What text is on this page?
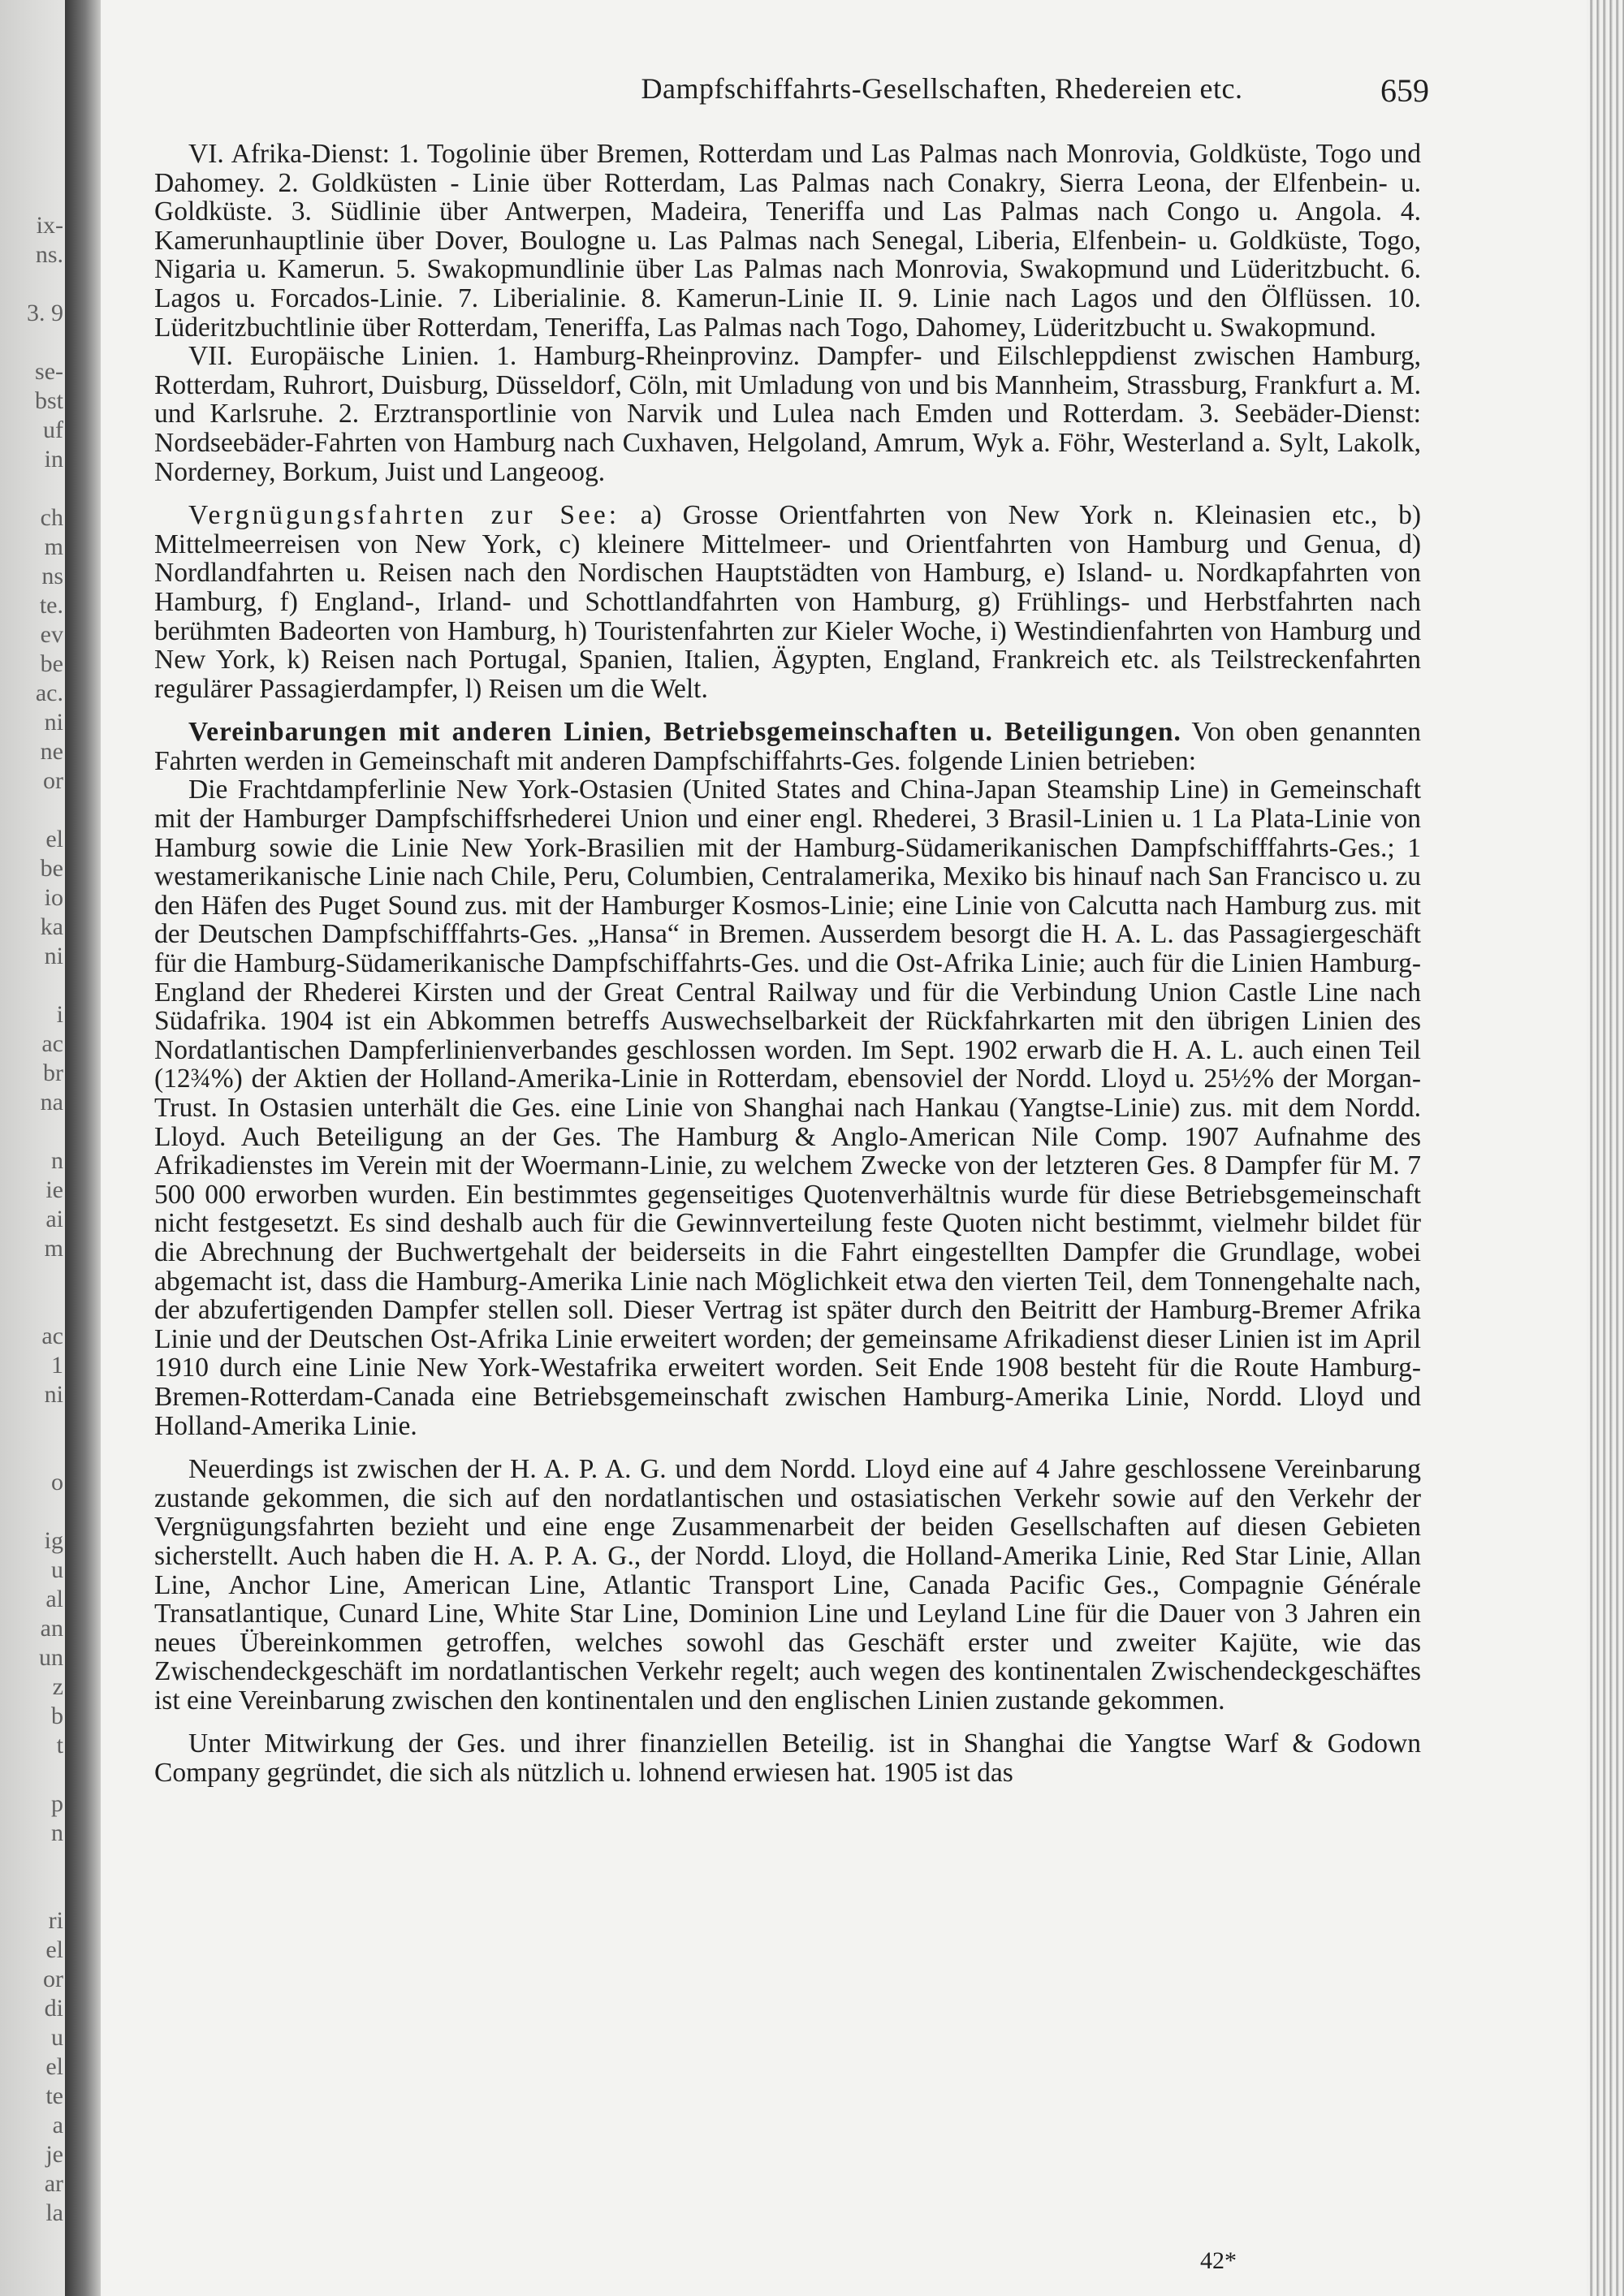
ix-
ns.

3. 9

se-
bst
uf
in

ch
m
ns
te.
ev
be
ac.
ni
ne
or

el
be
io
ka
ni

i
ac
br
na

n
ie
ai
m

ac
1
ni

o

ig
u
al
an
un
z
b
t

p
n

ri
el
or
di
u
el
te
a
je
ar
la
Dampfschiffahrts-Gesellschaften, Rhedereien etc.	659

VI. Afrika-Dienst: 1. Togolinie über Bremen, Rotterdam und Las Palmas nach Monrovia, Goldküste, Togo und Dahomey. 2. Goldküsten - Linie über Rotterdam, Las Palmas nach Conakry, Sierra Leona, der Elfenbein- u. Goldküste. 3. Südlinie über Antwerpen, Madeira, Teneriffa und Las Palmas nach Congo u. Angola. 4. Kamerunhauptlinie über Dover, Boulogne u. Las Palmas nach Senegal, Liberia, Elfenbein- u. Goldküste, Togo, Nigaria u. Kamerun. 5. Swakopmundlinie über Las Palmas nach Monrovia, Swakopmund und Lüderitzbucht. 6. Lagos u. Forcados-Linie. 7. Liberialinie. 8. Kamerun-Linie II. 9. Linie nach Lagos und den Ölflüssen. 10. Lüderitzbuchtlinie über Rotterdam, Teneriffa, Las Palmas nach Togo, Dahomey, Lüderitzbucht u. Swakopmund.

VII. Europäische Linien. 1. Hamburg-Rheinprovinz. Dampfer- und Eilschleppdienst zwischen Hamburg, Rotterdam, Ruhrort, Duisburg, Düsseldorf, Cöln, mit Umladung von und bis Mannheim, Strassburg, Frankfurt a. M. und Karlsruhe. 2. Erztransportlinie von Narvik und Lulea nach Emden und Rotterdam. 3. Seebäder-Dienst: Nordseebäder-Fahrten von Hamburg nach Cuxhaven, Helgoland, Amrum, Wyk a. Föhr, Westerland a. Sylt, Lakolk, Norderney, Borkum, Juist und Langeoog.

Vergnügungsfahrten zur See: a) Grosse Orientfahrten von New York n. Kleinasien etc., b) Mittelmeerreisen von New York, c) kleinere Mittelmeer- und Orientfahrten von Hamburg und Genua, d) Nordlandfahrten u. Reisen nach den Nordischen Hauptstädten von Hamburg, e) Island- u. Nordkapfahrten von Hamburg, f) England-, Irland- und Schottlandfahrten von Hamburg, g) Frühlings- und Herbstfahrten nach berühmten Badeorten von Hamburg, h) Touristenfahrten zur Kieler Woche, i) Westindienfahrten von Hamburg und New York, k) Reisen nach Portugal, Spanien, Italien, Ägypten, England, Frankreich etc. als Teilstreckenfahrten regulärer Passagierdampfer, l) Reisen um die Welt.

Vereinbarungen mit anderen Linien, Betriebsgemeinschaften u. Beteiligungen. Von oben genannten Fahrten werden in Gemeinschaft mit anderen Dampfschiffahrts-Ges. folgende Linien betrieben:

Die Frachtdampferlinie New York-Ostasien (United States and China-Japan Steamship Line) in Gemeinschaft mit der Hamburger Dampfschiffsrhederei Union und einer engl. Rhederei, 3 Brasil-Linien u. 1 La Plata-Linie von Hamburg sowie die Linie New York-Brasilien mit der Hamburg-Südamerikanischen Dampfschifffahrts-Ges.; 1 westamerikanische Linie nach Chile, Peru, Columbien, Centralamerika, Mexiko bis hinauf nach San Francisco u. zu den Häfen des Puget Sound zus. mit der Hamburger Kosmos-Linie; eine Linie von Calcutta nach Hamburg zus. mit der Deutschen Dampfschifffahrts-Ges. „Hansa“ in Bremen. Ausserdem besorgt die H. A. L. das Passagiergeschäft für die Hamburg-Südamerikanische Dampfschiffahrts-Ges. und die Ost-Afrika Linie; auch für die Linien Hamburg-England der Rhederei Kirsten und der Great Central Railway und für die Verbindung Union Castle Line nach Südafrika. 1904 ist ein Abkommen betreffs Auswechselbarkeit der Rückfahrkarten mit den übrigen Linien des Nordatlantischen Dampferlinienverbandes geschlossen worden. Im Sept. 1902 erwarb die H. A. L. auch einen Teil (12¾%) der Aktien der Holland-Amerika-Linie in Rotterdam, ebensoviel der Nordd. Lloyd u. 25½% der Morgan-Trust. In Ostasien unterhält die Ges. eine Linie von Shanghai nach Hankau (Yangtse-Linie) zus. mit dem Nordd. Lloyd. Auch Beteiligung an der Ges. The Hamburg & Anglo-American Nile Comp. 1907 Aufnahme des Afrikadienstes im Verein mit der Woermann-Linie, zu welchem Zwecke von der letzteren Ges. 8 Dampfer für M. 7 500 000 erworben wurden. Ein bestimmtes gegenseitiges Quotenverhältnis wurde für diese Betriebsgemeinschaft nicht festgesetzt. Es sind deshalb auch für die Gewinnverteilung feste Quoten nicht bestimmt, vielmehr bildet für die Abrechnung der Buchwertgehalt der beiderseits in die Fahrt eingestellten Dampfer die Grundlage, wobei abgemacht ist, dass die Hamburg-Amerika Linie nach Möglichkeit etwa den vierten Teil, dem Tonnengehalte nach, der abzufertigenden Dampfer stellen soll. Dieser Vertrag ist später durch den Beitritt der Hamburg-Bremer Afrika Linie und der Deutschen Ost-Afrika Linie erweitert worden; der gemeinsame Afrikadienst dieser Linien ist im April 1910 durch eine Linie New York-Westafrika erweitert worden. Seit Ende 1908 besteht für die Route Hamburg-Bremen-Rotterdam-Canada eine Betriebsgemeinschaft zwischen Hamburg-Amerika Linie, Nordd. Lloyd und Holland-Amerika Linie.

Neuerdings ist zwischen der H. A. P. A. G. und dem Nordd. Lloyd eine auf 4 Jahre geschlossene Vereinbarung zustande gekommen, die sich auf den nordatlantischen und ostasiatischen Verkehr sowie auf den Verkehr der Vergnügungsfahrten bezieht und eine enge Zusammenarbeit der beiden Gesellschaften auf diesen Gebieten sicherstellt. Auch haben die H. A. P. A. G., der Nordd. Lloyd, die Holland-Amerika Linie, Red Star Linie, Allan Line, Anchor Line, American Line, Atlantic Transport Line, Canada Pacific Ges., Compagnie Générale Transatlantique, Cunard Line, White Star Line, Dominion Line und Leyland Line für die Dauer von 3 Jahren ein neues Übereinkommen getroffen, welches sowohl das Geschäft erster und zweiter Kajüte, wie das Zwischendeckgeschäft im nordatlantischen Verkehr regelt; auch wegen des kontinentalen Zwischendeckgeschäftes ist eine Vereinbarung zwischen den kontinentalen und den englischen Linien zustande gekommen.

Unter Mitwirkung der Ges. und ihrer finanziellen Beteilig. ist in Shanghai die Yangtse Warf & Godown Company gegründet, die sich als nützlich u. lohnend erwiesen hat. 1905 ist das

42*
